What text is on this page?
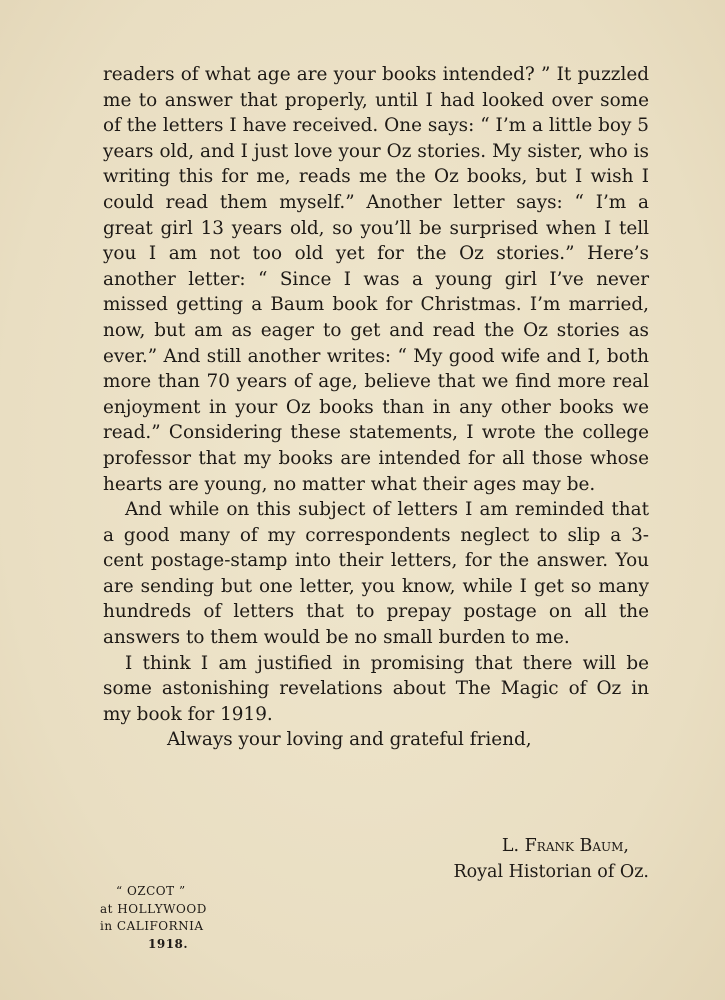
readers of what age are your books intended? ” It puzzled me to answer that properly, until I had looked over some of the letters I have received. One says: “ I’m a little boy 5 years old, and I just love your Oz stories. My sister, who is writing this for me, reads me the Oz books, but I wish I could read them myself.” Another letter says: “ I’m a great girl 13 years old, so you’ll be surprised when I tell you I am not too old yet for the Oz stories.” Here’s another letter: “ Since I was a young girl I’ve never missed getting a Baum book for Christmas. I’m married, now, but am as eager to get and read the Oz stories as ever.” And still another writes: “ My good wife and I, both more than 70 years of age, believe that we find more real enjoyment in your Oz books than in any other books we read.” Considering these statements, I wrote the college professor that my books are intended for all those whose hearts are young, no matter what their ages may be.

And while on this subject of letters I am reminded that a good many of my correspondents neglect to slip a 3-cent postage-stamp into their letters, for the answer. You are sending but one letter, you know, while I get so many hundreds of letters that to prepay postage on all the answers to them would be no small burden to me.

I think I am justified in promising that there will be some astonishing revelations about The Magic of Oz in my book for 1919.

Always your loving and grateful friend,

L. Frank Baum,
Royal Historian of Oz.
“ OZCOT ”
at HOLLYWOOD
in CALIFORNIA
1918.
